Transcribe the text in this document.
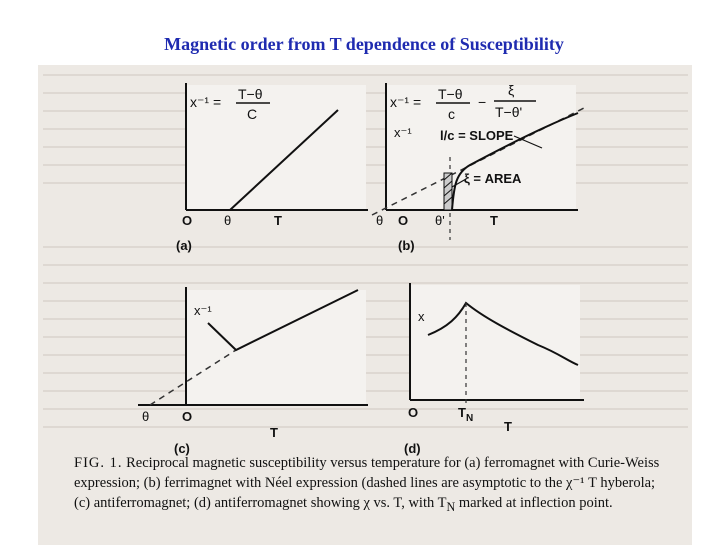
Magnetic order from T dependence of Susceptibility
x⁻¹ = T−θ
C
O θ	T
(a)
x⁻¹ = T−θ
c
−
ξ
T−θ'
l/c = SLOPE
ξ = AREA
θ O θ'	T
x⁻¹
(b)
x⁻¹
θ	O
T
(c)
x
O	$T_N$
T
(d)
FIG. 1. Reciprocal magnetic susceptibility versus temperature for (a) ferromagnet with Curie-Weiss expression; (b) ferrimagnet with Néel expression (dashed lines are asymptotic to the χ⁻¹ T hyberola; (c) antiferromagnet; (d) antiferromagnet showing χ vs. T, with $T_N$ marked at inflection point.
